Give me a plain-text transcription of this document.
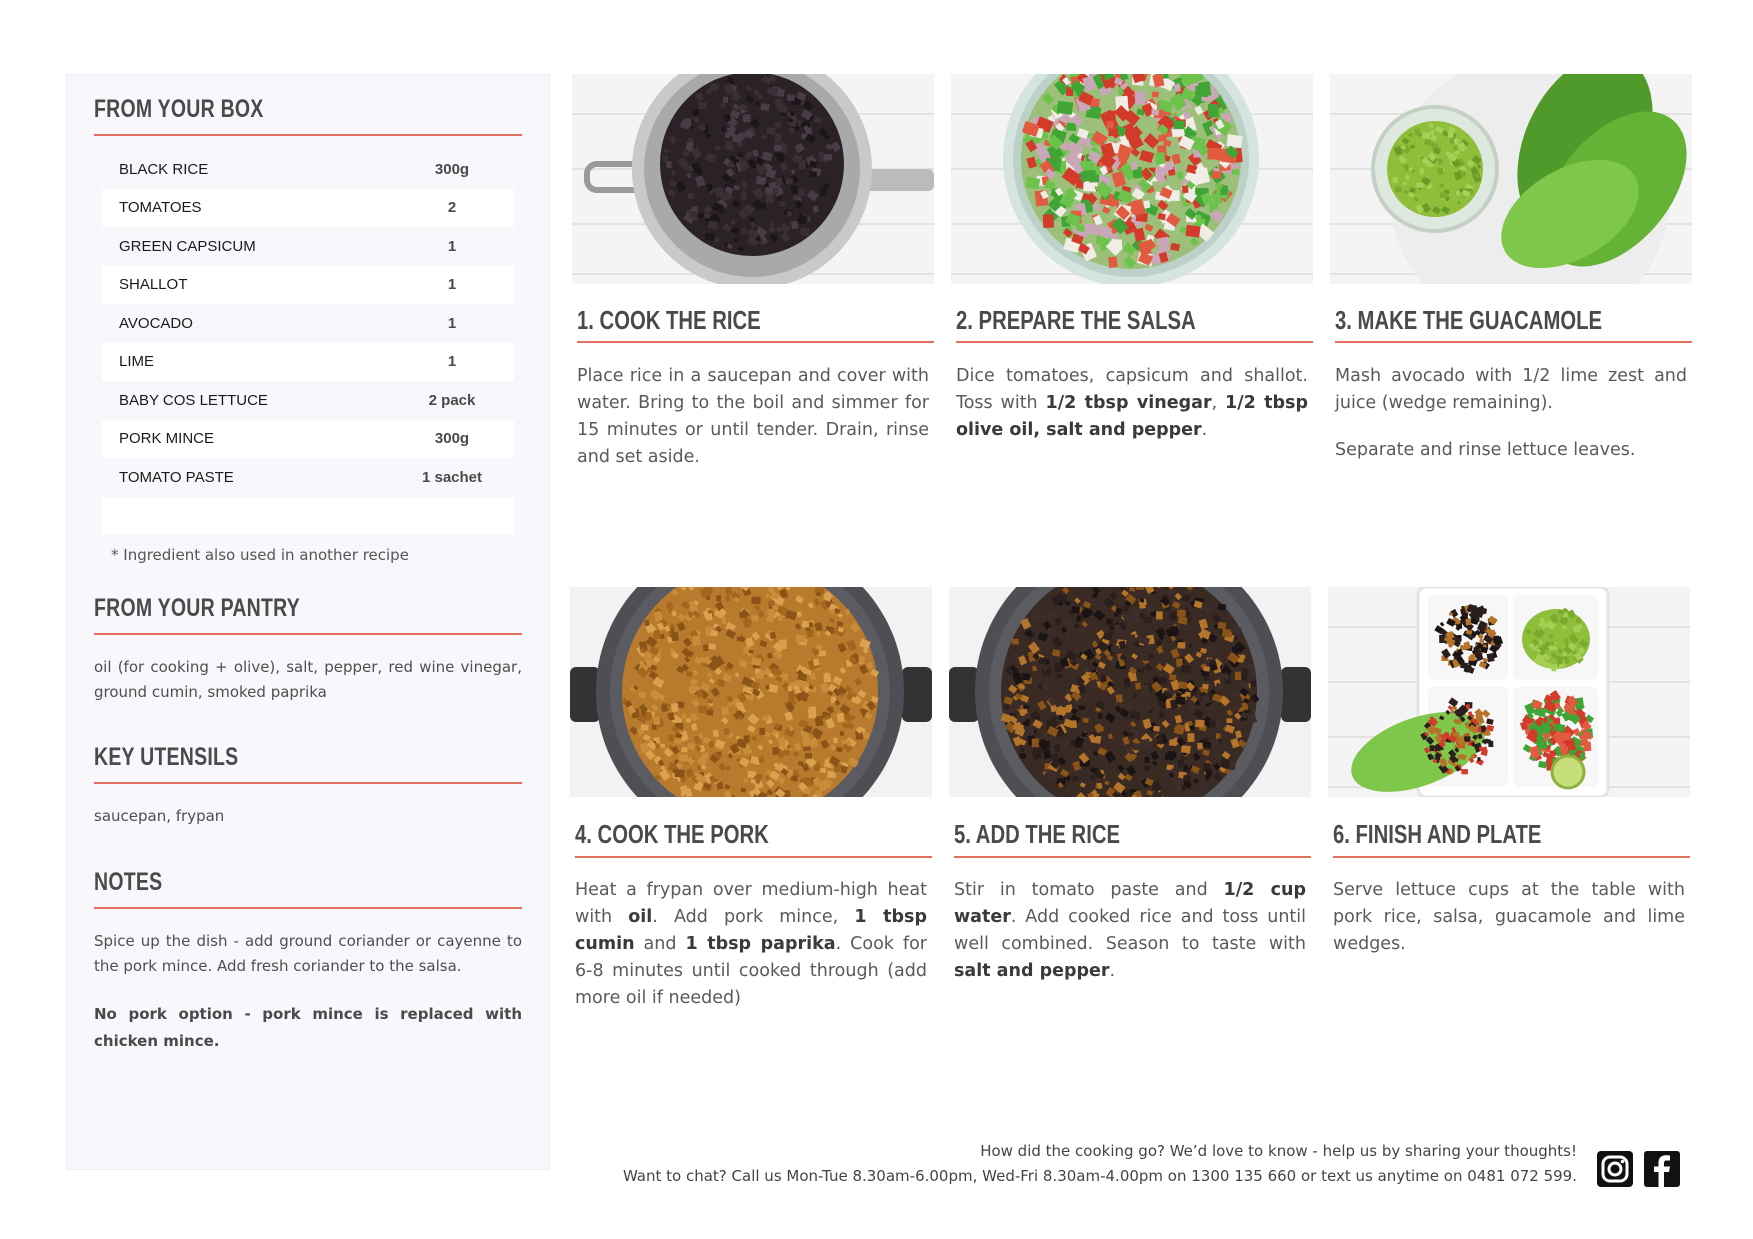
FROM YOUR BOX
BLACK RICE	300g
TOMATOES	2
GREEN CAPSICUM	1
SHALLOT	1
AVOCADO	1
LIME	1
BABY COS LETTUCE	2 pack
PORK MINCE	300g
TOMATO PASTE	1 sachet
* Ingredient also used in another recipe
FROM YOUR PANTRY
oil (for cooking + olive), salt, pepper, red wine vinegar, ground cumin, smoked paprika
KEY UTENSILS
saucepan, frypan
NOTES
Spice up the dish - add ground coriander or cayenne to the pork mince. Add fresh coriander to the salsa.
No pork option - pork mince is replaced with chicken mince.
1. COOK THE RICE

Place rice in a saucepan and cover with water. Bring to the boil and simmer for 15 minutes or until tender. Drain, rinse and set aside.

2. PREPARE THE SALSA

Dice tomatoes, capsicum and shallot. Toss with 1/2 tbsp vinegar, 1/2 tbsp olive oil, salt and pepper.

3. MAKE THE GUACAMOLE

Mash avocado with 1/2 lime zest and juice (wedge remaining).

Separate and rinse lettuce leaves.

4. COOK THE PORK

Heat a frypan over medium-high heat with oil. Add pork mince, 1 tbsp cumin and 1 tbsp paprika. Cook for 6-8 minutes until cooked through (add more oil if needed)

5. ADD THE RICE

Stir in tomato paste and 1/2 cup water. Add cooked rice and toss until well combined. Season to taste with salt and pepper.

6. FINISH AND PLATE

Serve lettuce cups at the table with pork rice, salsa, guacamole and lime wedges.

How did the cooking go? We’d love to know - help us by sharing your thoughts!
Want to chat? Call us Mon-Tue 8.30am-6.00pm, Wed-Fri 8.30am-4.00pm on 1300 135 660 or text us anytime on 0481 072 599.
